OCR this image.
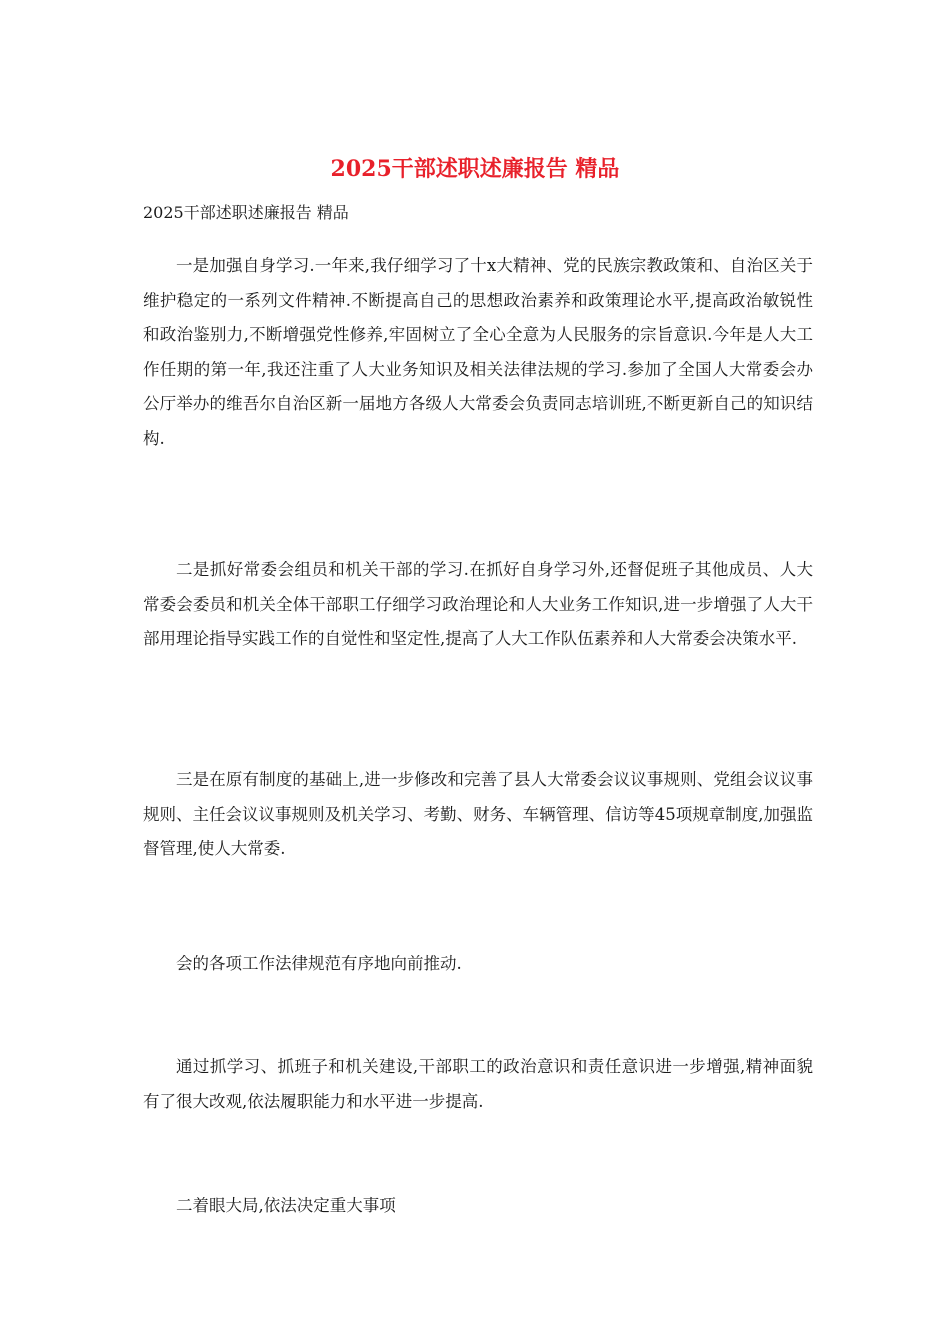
2025干部述职述廉报告 精品

2025干部述职述廉报告 精品

一是加强自身学习.一年来,我仔细学习了十x大精神、党的民族宗教政策和、自治区关于维护稳定的一系列文件精神.不断提高自己的思想政治素养和政策理论水平,提高政治敏锐性和政治鉴别力,不断增强党性修养,牢固树立了全心全意为人民服务的宗旨意识.今年是人大工作任期的第一年,我还注重了人大业务知识及相关法律法规的学习.参加了全国人大常委会办公厅举办的维吾尔自治区新一届地方各级人大常委会负责同志培训班,不断更新自己的知识结构.

二是抓好常委会组员和机关干部的学习.在抓好自身学习外,还督促班子其他成员、人大常委会委员和机关全体干部职工仔细学习政治理论和人大业务工作知识,进一步增强了人大干部用理论指导实践工作的自觉性和坚定性,提高了人大工作队伍素养和人大常委会决策水平.

三是在原有制度的基础上,进一步修改和完善了县人大常委会议议事规则、党组会议议事规则、主任会议议事规则及机关学习、考勤、财务、车辆管理、信访等45项规章制度,加强监督管理,使人大常委.

会的各项工作法律规范有序地向前推动.

通过抓学习、抓班子和机关建设,干部职工的政治意识和责任意识进一步增强,精神面貌有了很大改观,依法履职能力和水平进一步提高.

二着眼大局,依法决定重大事项
